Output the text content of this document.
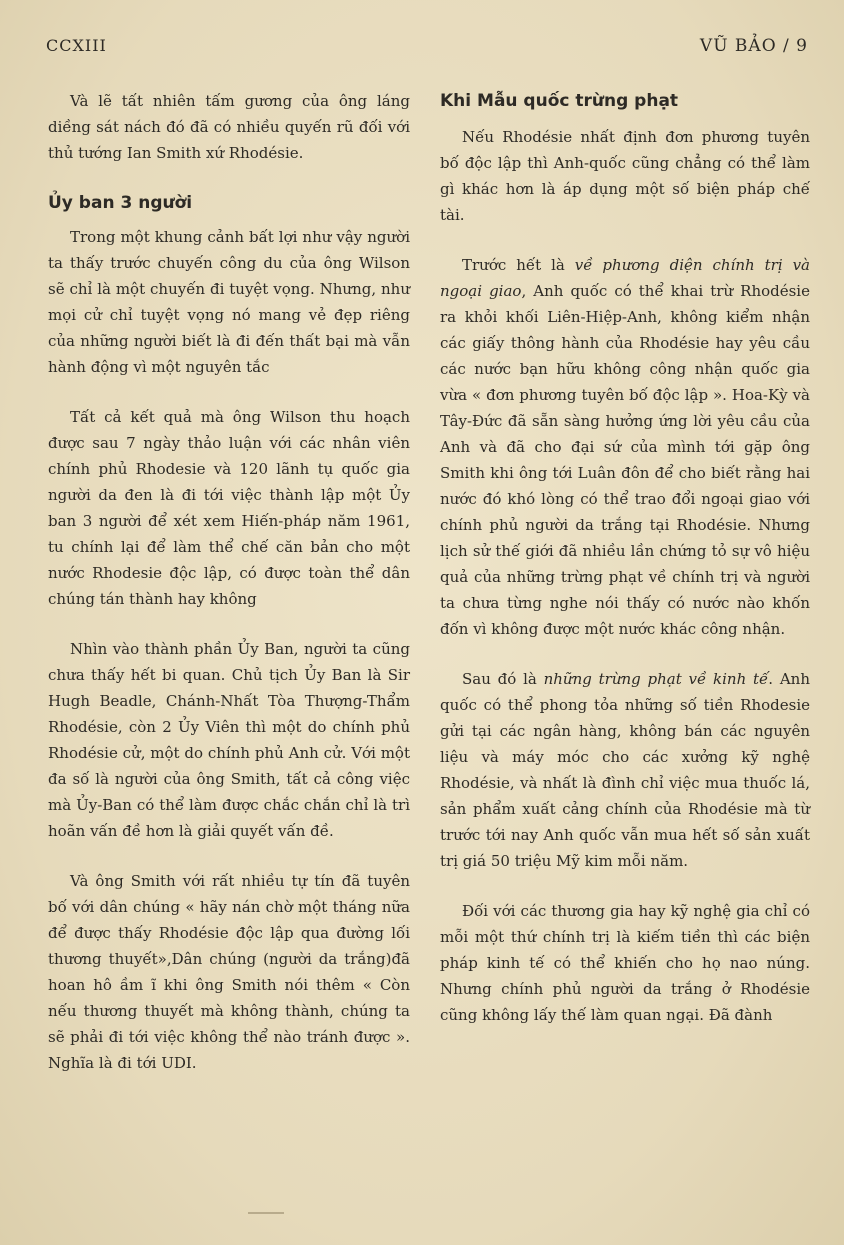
CCXIII	VŨ BẢO / 9

Và lẽ tất nhiên tấm gương của ông láng diềng sát nách đó đã có nhiều quyến rũ đối với thủ tướng Ian Smith xứ Rhodésie.

Ủy ban 3 người

Trong một khung cảnh bất lợi như vậy người ta thấy trước chuyến công du của ông Wilson sẽ chỉ là một chuyến đi tuyệt vọng. Nhưng, như mọi cử chỉ tuyệt vọng nó mang vẻ đẹp riêng của những người biết là đi đến thất bại mà vẫn hành động vì một nguyên tắc

Tất cả kết quả mà ông Wilson thu hoạch được sau 7 ngày thảo luận với các nhân viên chính phủ Rhodesie và 120 lãnh tụ quốc gia người da đen là đi tới việc thành lập một Ủy ban 3 người để xét xem Hiến-pháp năm 1961, tu chính lại để làm thể chế căn bản cho một nước Rhodesie độc lập, có được toàn thể dân chúng tán thành hay không

Nhìn vào thành phần Ủy Ban, người ta cũng chưa thấy hết bi quan. Chủ tịch Ủy Ban là Sir Hugh Beadle, Chánh-Nhất Tòa Thượng-Thẩm Rhodésie, còn 2 Ủy Viên thì một do chính phủ Rhodésie cử, một do chính phủ Anh cử. Với một đa số là người của ông Smith, tất cả công việc mà Ủy-Ban có thể làm được chắc chắn chỉ là trì hoãn vấn đề hơn là giải quyết vấn đề.

Và ông Smith với rất nhiều tự tín đã tuyên bố với dân chúng « hãy nán chờ một tháng nữa để được thấy Rhodésie độc lập qua đường lối thương thuyết»,Dân chúng (người da trắng)đã hoan hô ầm ĩ khi ông Smith nói thêm « Còn nếu thương thuyết mà không thành, chúng ta sẽ phải đi tới việc không thể nào tránh được ». Nghĩa là đi tới UDI.

Khi Mẫu quốc trừng phạt

Nếu Rhodésie nhất định đơn phương tuyên bố độc lập thì Anh-quốc cũng chẳng có thể làm gì khác hơn là áp dụng một số biện pháp chế tài.

Trước hết là về phương diện chính trị và ngoại giao, Anh quốc có thể khai trừ Rhodésie ra khỏi khối Liên-Hiệp-Anh, không kiểm nhận các giấy thông hành của Rhodésie hay yêu cầu các nước bạn hữu không công nhận quốc gia vừa « đơn phương tuyên bố độc lập ». Hoa-Kỳ và Tây-Đức đã sẵn sàng hưởng ứng lời yêu cầu của Anh và đã cho đại sứ của mình tới gặp ông Smith khi ông tới Luân đôn để cho biết rằng hai nước đó khó lòng có thể trao đổi ngoại giao với chính phủ người da trắng tại Rhodésie. Nhưng lịch sử thế giới đã nhiều lần chứng tỏ sự vô hiệu quả của những trừng phạt về chính trị và người ta chưa từng nghe nói thấy có nước nào khốn đốn vì không được một nước khác công nhận.

Sau đó là những trừng phạt về kinh tế. Anh quốc có thể phong tỏa những số tiền Rhodesie gửi tại các ngân hàng, không bán các nguyên liệu và máy móc cho các xưởng kỹ nghệ Rhodésie, và nhất là đình chỉ việc mua thuốc lá, sản phẩm xuất cảng chính của Rhodésie mà từ trước tới nay Anh quốc vẫn mua hết số sản xuất trị giá 50 triệu Mỹ kim mỗi năm.

Đối với các thương gia hay kỹ nghệ gia chỉ có mỗi một thứ chính trị là kiếm tiền thì các biện pháp kinh tế có thể khiến cho họ nao núng. Nhưng chính phủ người da trắng ở Rhodésie cũng không lấy thế làm quan ngại. Đã đành
